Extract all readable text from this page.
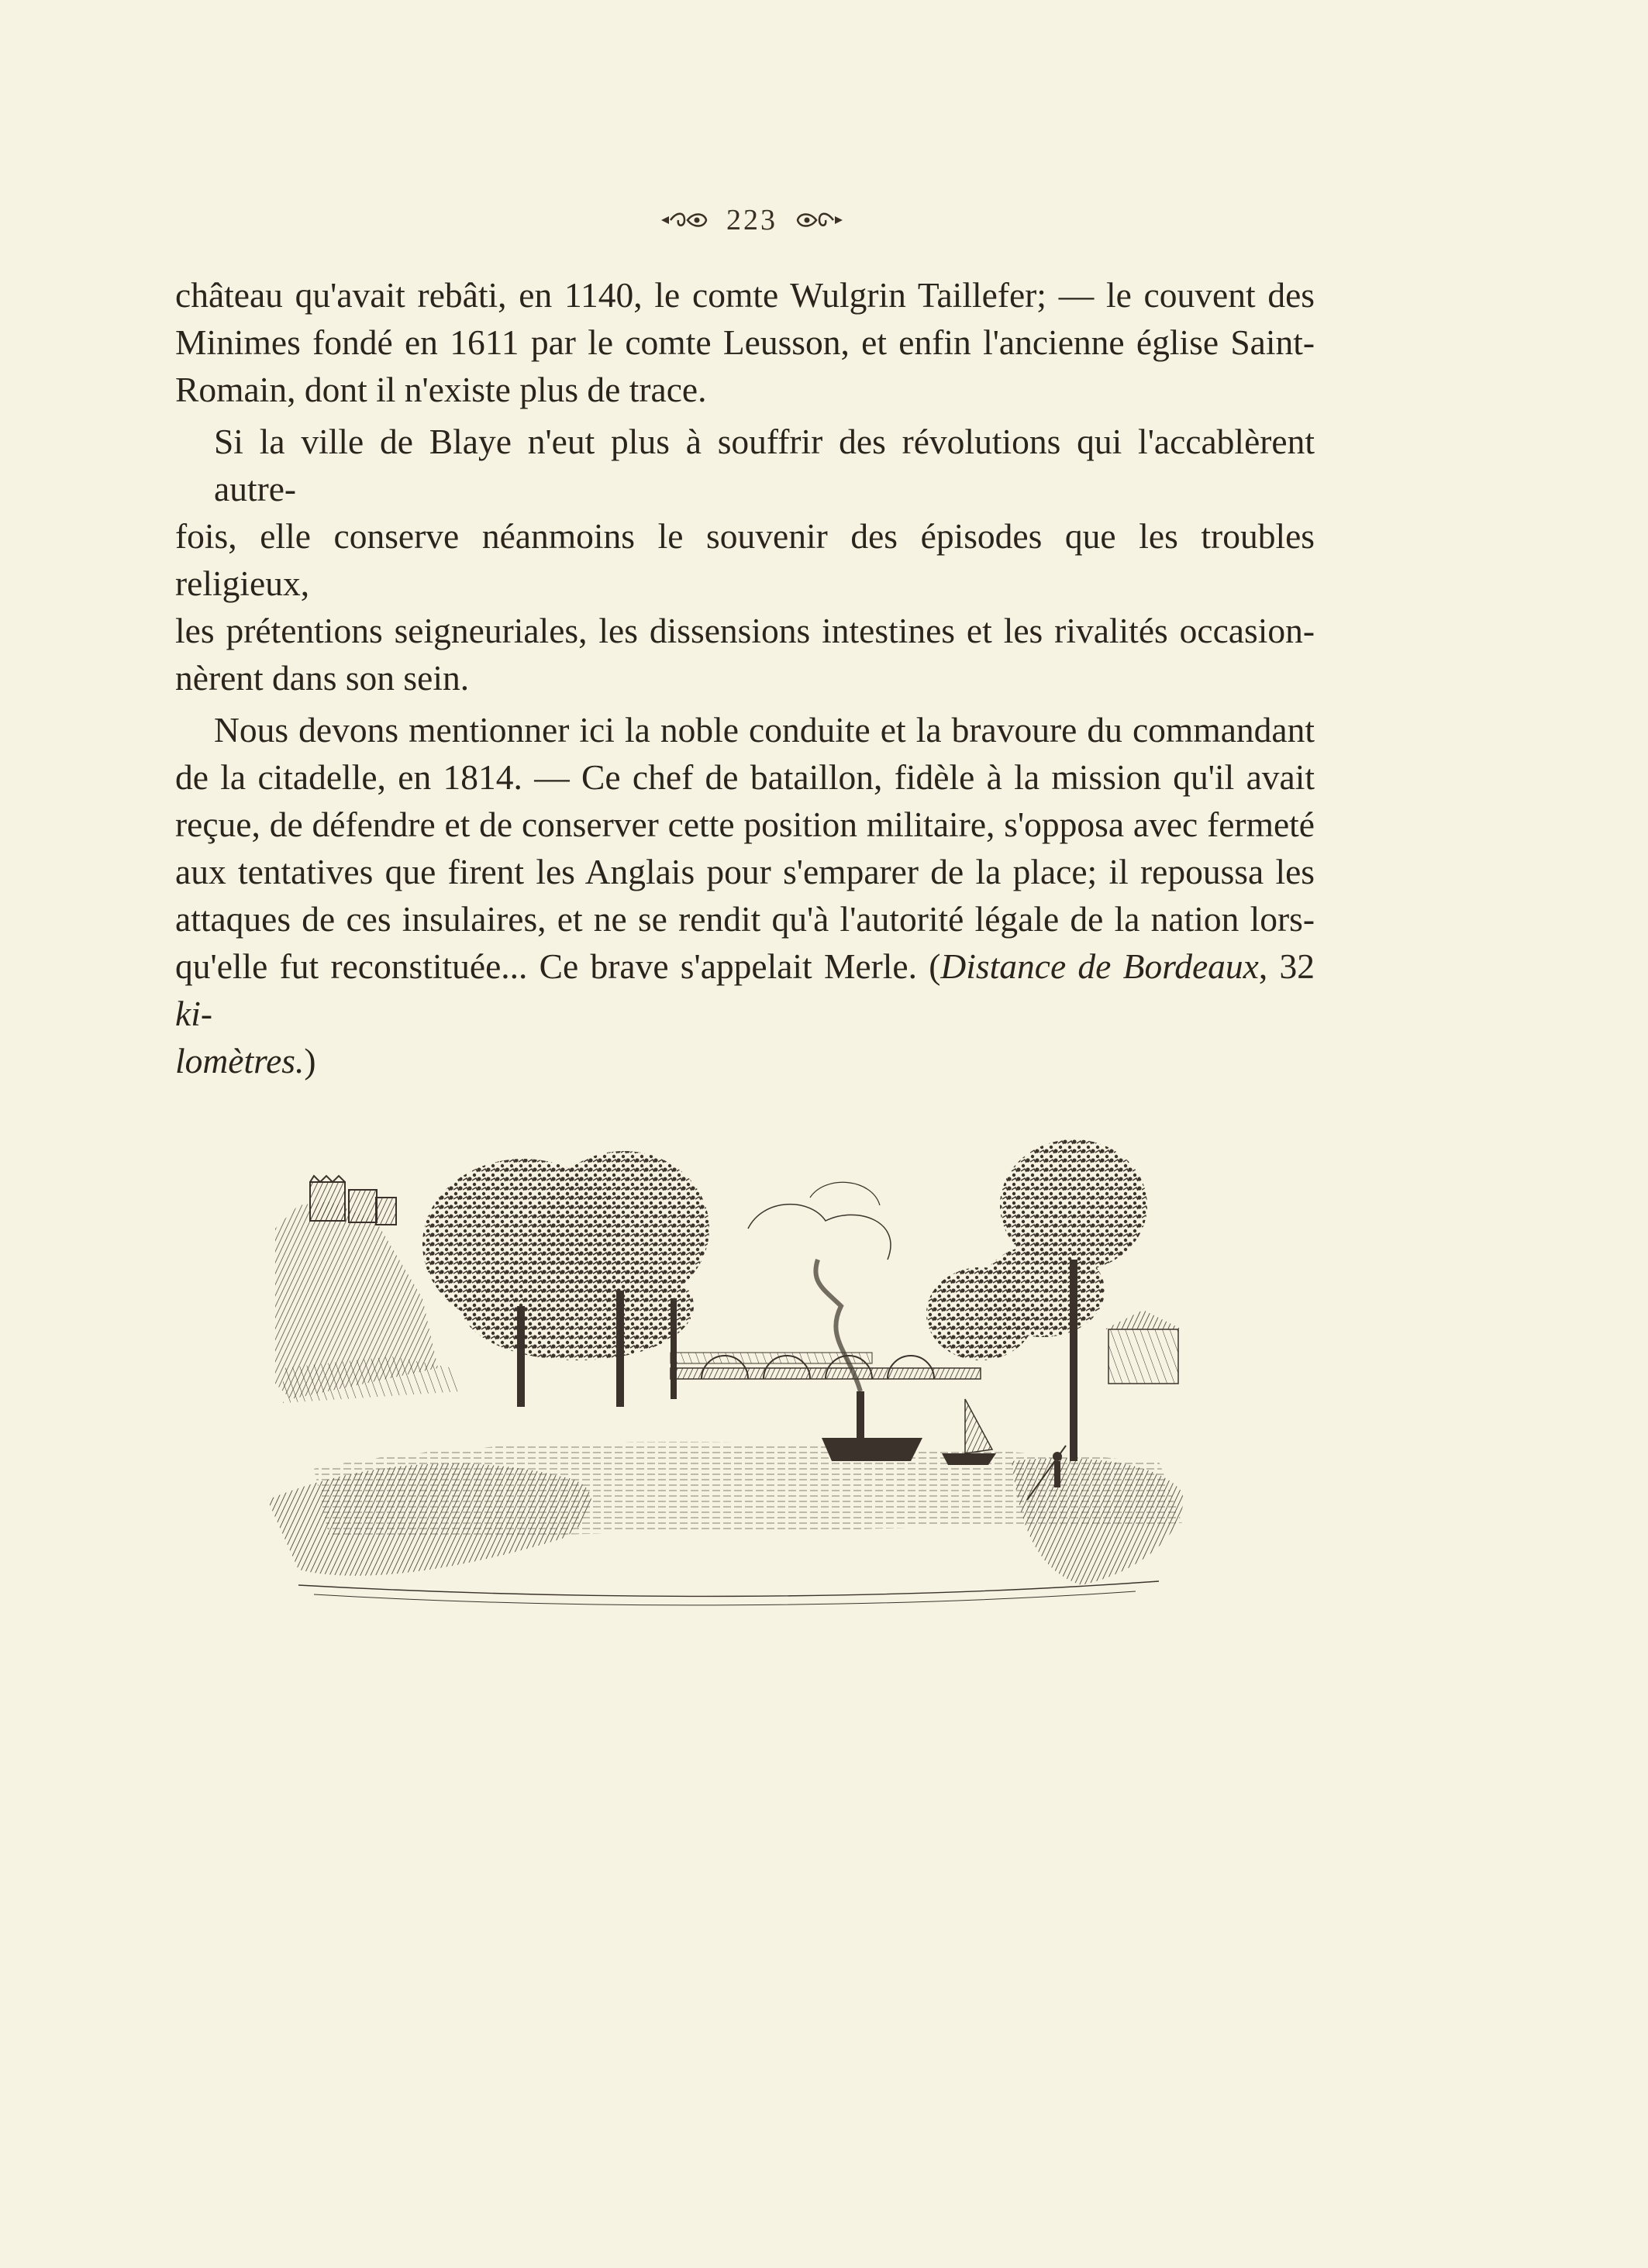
223

château qu'avait rebâti, en 1140, le comte Wulgrin Taillefer; — le couvent des
Minimes fondé en 1611 par le comte Leusson, et enfin l'ancienne église Saint-
Romain, dont il n'existe plus de trace.

Si la ville de Blaye n'eut plus à souffrir des révolutions qui l'accablèrent autre-
fois, elle conserve néanmoins le souvenir des épisodes que les troubles religieux,
les prétentions seigneuriales, les dissensions intestines et les rivalités occasion-
nèrent dans son sein.

Nous devons mentionner ici la noble conduite et la bravoure du commandant
de la citadelle, en 1814. — Ce chef de bataillon, fidèle à la mission qu'il avait
reçue, de défendre et de conserver cette position militaire, s'opposa avec fermeté
aux tentatives que firent les Anglais pour s'emparer de la place; il repoussa les
attaques de ces insulaires, et ne se rendit qu'à l'autorité légale de la nation lors-
qu'elle fut reconstituée... Ce brave s'appelait Merle. (Distance de Bordeaux, 32 ki-
lomètres.)
